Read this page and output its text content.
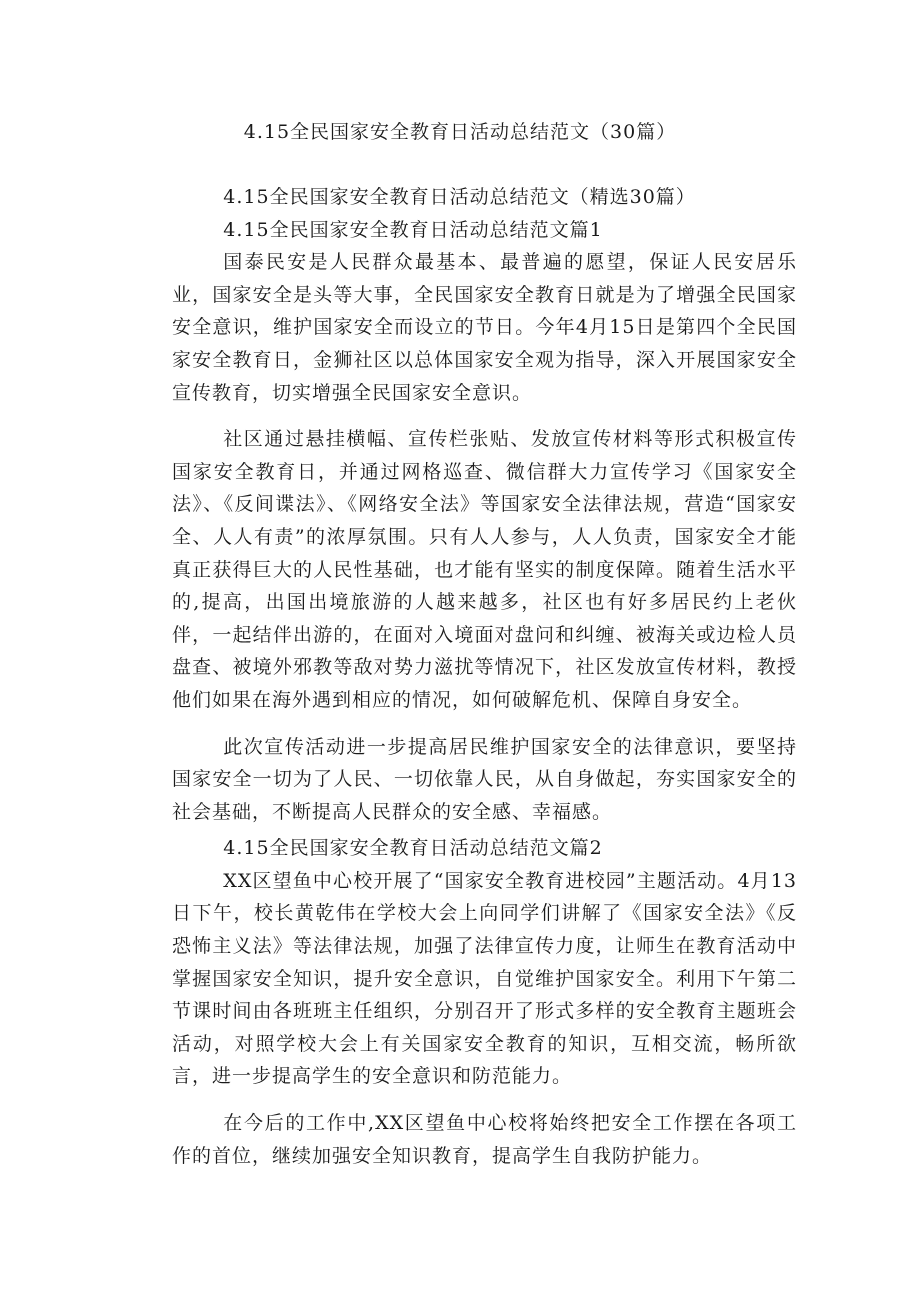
4.15全民国家安全教育日活动总结范文（30篇）

4.15全民国家安全教育日活动总结范文（精选30篇）

4.15全民国家安全教育日活动总结范文篇1

国泰民安是人民群众最基本、最普遍的愿望，保证人民安居乐业，国家安全是头等大事，全民国家安全教育日就是为了增强全民国家安全意识，维护国家安全而设立的节日。今年4月15日是第四个全民国家安全教育日，金狮社区以总体国家安全观为指导，深入开展国家安全宣传教育，切实增强全民国家安全意识。

社区通过悬挂横幅、宣传栏张贴、发放宣传材料等形式积极宣传国家安全教育日，并通过网格巡查、微信群大力宣传学习《国家安全法》、《反间谍法》、《网络安全法》等国家安全法律法规，营造“国家安全、人人有责”的浓厚氛围。只有人人参与，人人负责，国家安全才能真正获得巨大的人民性基础，也才能有坚实的制度保障。随着生活水平的,提高，出国出境旅游的人越来越多，社区也有好多居民约上老伙伴，一起结伴出游的，在面对入境面对盘问和纠缠、被海关或边检人员盘查、被境外邪教等敌对势力滋扰等情况下，社区发放宣传材料，教授他们如果在海外遇到相应的情况，如何破解危机、保障自身安全。

此次宣传活动进一步提高居民维护国家安全的法律意识，要坚持国家安全一切为了人民、一切依靠人民，从自身做起，夯实国家安全的社会基础，不断提高人民群众的安全感、幸福感。

4.15全民国家安全教育日活动总结范文篇2

XX区望鱼中心校开展了“国家安全教育进校园”主题活动。4月13日下午，校长黄乾伟在学校大会上向同学们讲解了《国家安全法》《反恐怖主义法》等法律法规，加强了法律宣传力度，让师生在教育活动中掌握国家安全知识，提升安全意识，自觉维护国家安全。利用下午第二节课时间由各班班主任组织，分别召开了形式多样的安全教育主题班会活动，对照学校大会上有关国家安全教育的知识，互相交流，畅所欲言，进一步提高学生的安全意识和防范能力。

在今后的工作中,XX区望鱼中心校将始终把安全工作摆在各项工作的首位，继续加强安全知识教育，提高学生自我防护能力。
